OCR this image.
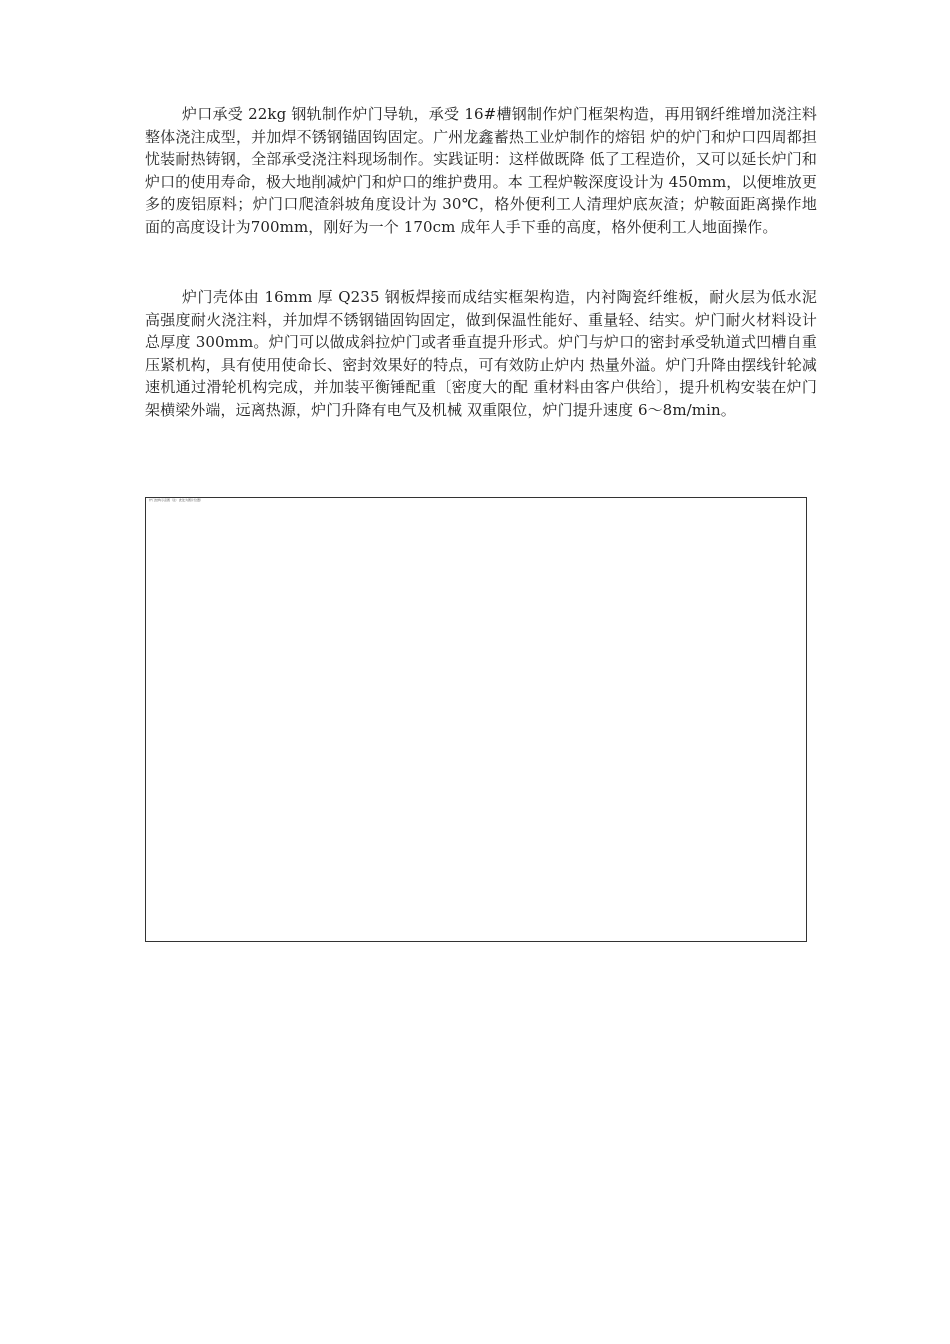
炉口承受 22kg 钢轨制作炉门导轨，承受 16#槽钢制作炉门框架构造，再用钢纤维增加浇注料整体浇注成型，并加焊不锈钢锚固钩固定。广州龙鑫蓄热工业炉制作的熔铝 炉的炉门和炉口四周都担忧装耐热铸钢，全部承受浇注料现场制作。实践证明：这样做既降 低了工程造价，又可以延长炉门和炉口的使用寿命，极大地削减炉门和炉口的维护费用。本 工程炉鞍深度设计为 450mm，以便堆放更多的废铝原料；炉门口爬渣斜坡角度设计为 30℃，格外便利工人清理炉底灰渣；炉鞍面距离操作地面的高度设计为700mm，刚好为一个 170cm 成年人手下垂的高度，格外便利工人地面操作。

炉门壳体由 16mm 厚 Q235 钢板焊接而成结实框架构造，内衬陶瓷纤维板，耐火层为低水泥高强度耐火浇注料，并加焊不锈钢锚固钩固定，做到保温性能好、重量轻、结实。炉门耐火材料设计总厚度 300mm。炉门可以做成斜拉炉门或者垂直提升形式。炉门与炉口的密封承受轨道式凹槽自重压紧机构，具有使用使命长、密封效果好的特点，可有效防止炉内 热量外溢。炉门升降由摆线针轮减速机通过滑轮机构完成，并加装平衡锤配重〔密度大的配 重材料由客户供给〕，提升机构安装在炉门架横梁外端，远离热源，炉门升降有电气及机械 双重限位，炉门提升速度 6～8m/min。

炉门结构示意图（注：此处为图片位置）
